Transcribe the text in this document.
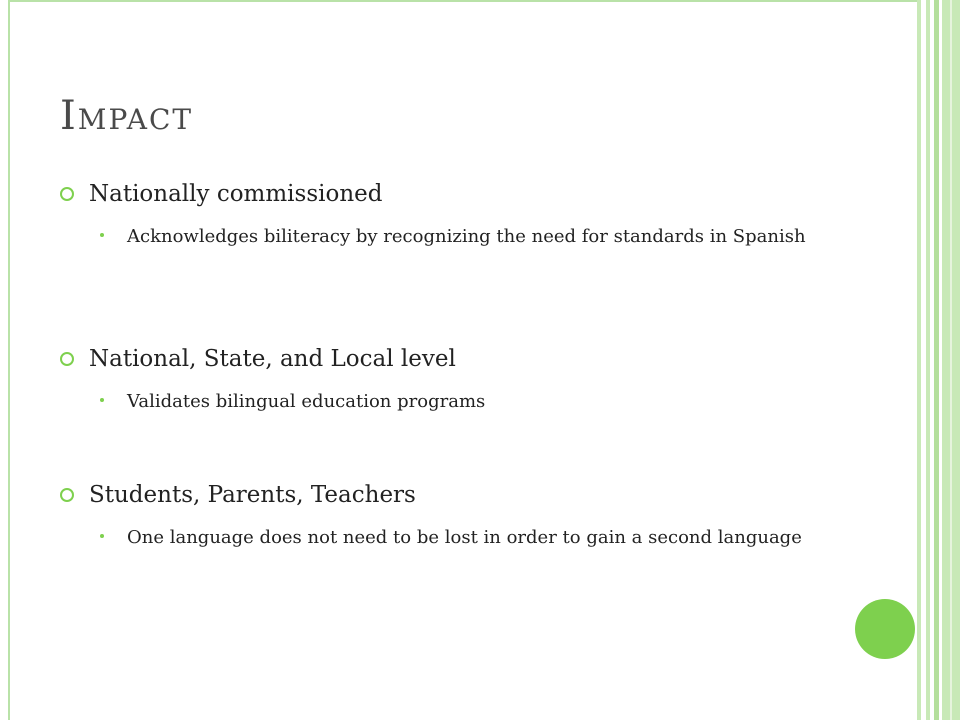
Impact
Nationally commissioned
Acknowledges biliteracy by recognizing the need for standards in Spanish
National, State, and Local level
Validates bilingual education programs
Students, Parents, Teachers
One language does not need to be lost in order to gain a second language
